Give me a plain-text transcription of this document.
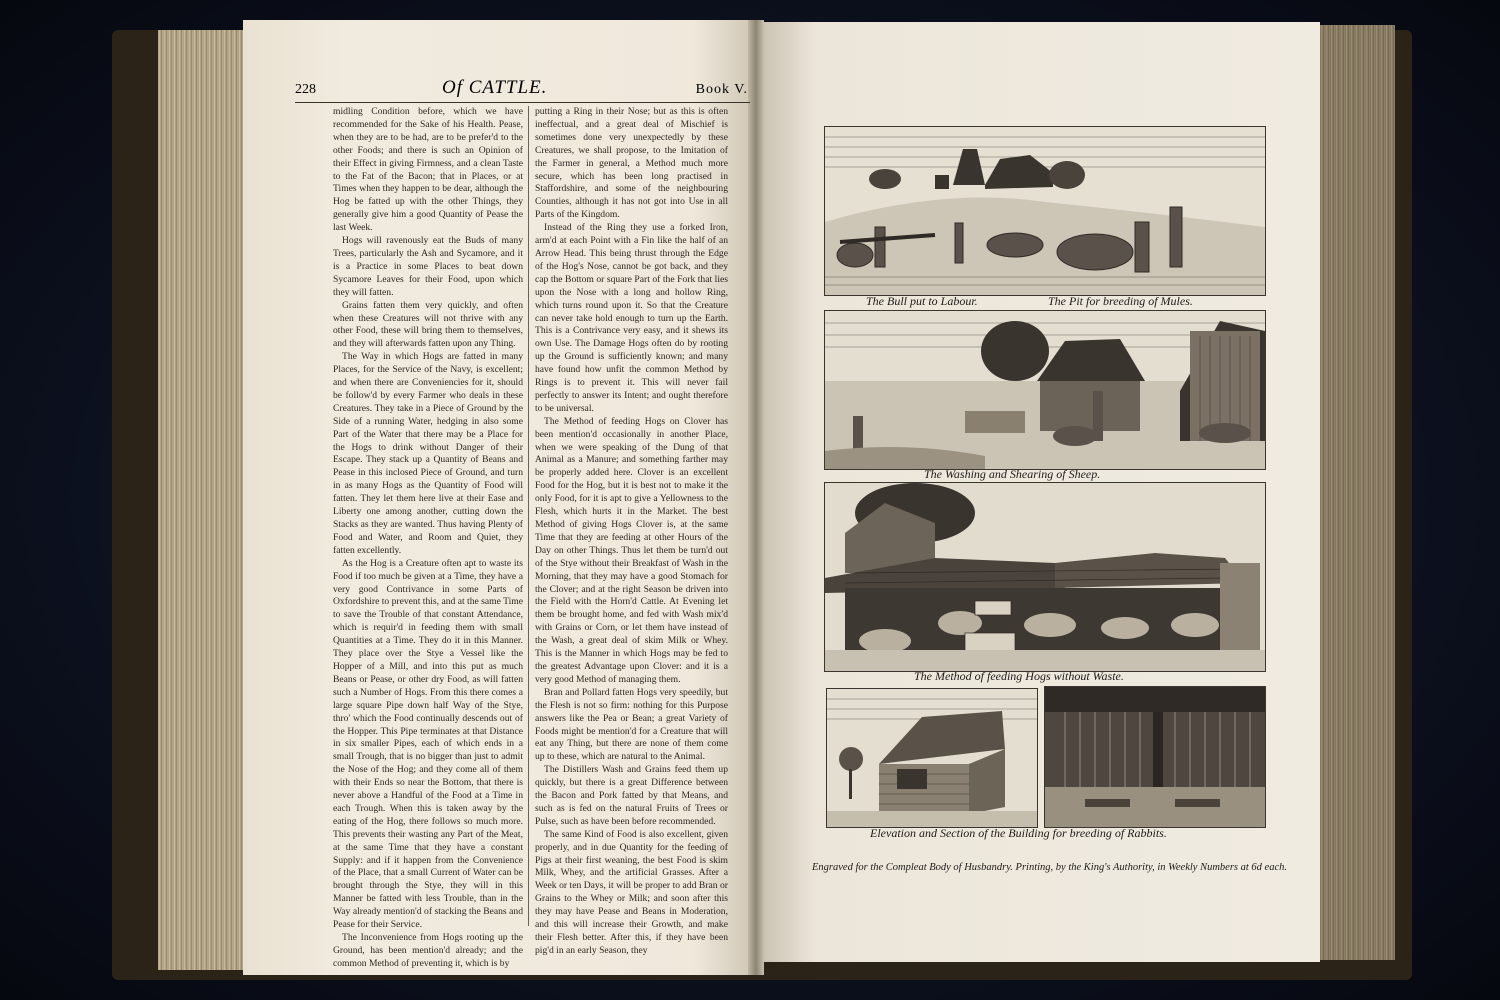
228	Of CATTLE.	Book V.

midling Condition before, which we have recommended for the Sake of his Health. Pease, when they are to be had, are to be prefer'd to the other Foods; and there is such an Opinion of their Effect in giving Firmness, and a clean Taste to the Fat of the Bacon; that in Places, or at Times when they happen to be dear, although the Hog be fatted up with the other Things, they generally give him a good Quantity of Pease the last Week.

Hogs will ravenously eat the Buds of many Trees, particularly the Ash and Sycamore, and it is a Practice in some Places to beat down Sycamore Leaves for their Food, upon which they will fatten.

Grains fatten them very quickly, and often when these Creatures will not thrive with any other Food, these will bring them to themselves, and they will afterwards fatten upon any Thing.

The Way in which Hogs are fatted in many Places, for the Service of the Navy, is excellent; and when there are Conveniencies for it, should be follow'd by every Farmer who deals in these Creatures. They take in a Piece of Ground by the Side of a running Water, hedging in also some Part of the Water that there may be a Place for the Hogs to drink without Danger of their Escape. They stack up a Quantity of Beans and Pease in this inclosed Piece of Ground, and turn in as many Hogs as the Quantity of Food will fatten. They let them here live at their Ease and Liberty one among another, cutting down the Stacks as they are wanted. Thus having Plenty of Food and Water, and Room and Quiet, they fatten excellently.

As the Hog is a Creature often apt to waste its Food if too much be given at a Time, they have a very good Contrivance in some Parts of Oxfordshire to prevent this, and at the same Time to save the Trouble of that constant Attendance, which is requir'd in feeding them with small Quantities at a Time. They do it in this Manner. They place over the Stye a Vessel like the Hopper of a Mill, and into this put as much Beans or Pease, or other dry Food, as will fatten such a Number of Hogs. From this there comes a large square Pipe down half Way of the Stye, thro' which the Food continually descends out of the Hopper. This Pipe terminates at that Distance in six smaller Pipes, each of which ends in a small Trough, that is no bigger than just to admit the Nose of the Hog; and they come all of them with their Ends so near the Bottom, that there is never above a Handful of the Food at a Time in each Trough. When this is taken away by the eating of the Hog, there follows so much more. This prevents their wasting any Part of the Meat, at the same Time that they have a constant Supply: and if it happen from the Convenience of the Place, that a small Current of Water can be brought through the Stye, they will in this Manner be fatted with less Trouble, than in the Way already mention'd of stacking the Beans and Pease for their Service.

The Inconvenience from Hogs rooting up the Ground, has been mention'd already; and the common Method of preventing it, which is by

putting a Ring in their Nose; but as this is often ineffectual, and a great deal of Mischief is sometimes done very unexpectedly by these Creatures, we shall propose, to the Imitation of the Farmer in general, a Method much more secure, which has been long practised in Staffordshire, and some of the neighbouring Counties, although it has not got into Use in all Parts of the Kingdom.

Instead of the Ring they use a forked Iron, arm'd at each Point with a Fin like the half of an Arrow Head. This being thrust through the Edge of the Hog's Nose, cannot be got back, and they cap the Bottom or square Part of the Fork that lies upon the Nose with a long and hollow Ring, which turns round upon it. So that the Creature can never take hold enough to turn up the Earth. This is a Contrivance very easy, and it shews its own Use. The Damage Hogs often do by rooting up the Ground is sufficiently known; and many have found how unfit the common Method by Rings is to prevent it. This will never fail perfectly to answer its Intent; and ought therefore to be universal.

The Method of feeding Hogs on Clover has been mention'd occasionally in another Place, when we were speaking of the Dung of that Animal as a Manure; and something farther may be properly added here. Clover is an excellent Food for the Hog, but it is best not to make it the only Food, for it is apt to give a Yellowness to the Flesh, which hurts it in the Market. The best Method of giving Hogs Clover is, at the same Time that they are feeding at other Hours of the Day on other Things. Thus let them be turn'd out of the Stye without their Breakfast of Wash in the Morning, that they may have a good Stomach for the Clover; and at the right Season be driven into the Field with the Horn'd Cattle. At Evening let them be brought home, and fed with Wash mix'd with Grains or Corn, or let them have instead of the Wash, a great deal of skim Milk or Whey. This is the Manner in which Hogs may be fed to the greatest Advantage upon Clover: and it is a very good Method of managing them.

Bran and Pollard fatten Hogs very speedily, but the Flesh is not so firm: nothing for this Purpose answers like the Pea or Bean; a great Variety of Foods might be mention'd for a Creature that will eat any Thing, but there are none of them come up to these, which are natural to the Animal.

The Distillers Wash and Grains feed them up quickly, but there is a great Difference between the Bacon and Pork fatted by that Means, and such as is fed on the natural Fruits of Trees or Pulse, such as have been before recommended.

The same Kind of Food is also excellent, given properly, and in due Quantity for the feeding of Pigs at their first weaning, the best Food is skim Milk, Whey, and the artificial Grasses. After a Week or ten Days, it will be proper to add Bran or Grains to the Whey or Milk; and soon after this they may have Pease and Beans in Moderation, and this will increase their Growth, and make their Flesh better. After this, if they have been pig'd in an early Season, they

The Bull put to Labour.	The Pit for breeding of Mules.
The Washing and Shearing of Sheep.
The Method of feeding Hogs without Waste.
Elevation and Section of the Building for breeding of Rabbits.
Engraved for the Compleat Body of Husbandry. Printing, by the King's Authority, in Weekly Numbers at 6d each.
